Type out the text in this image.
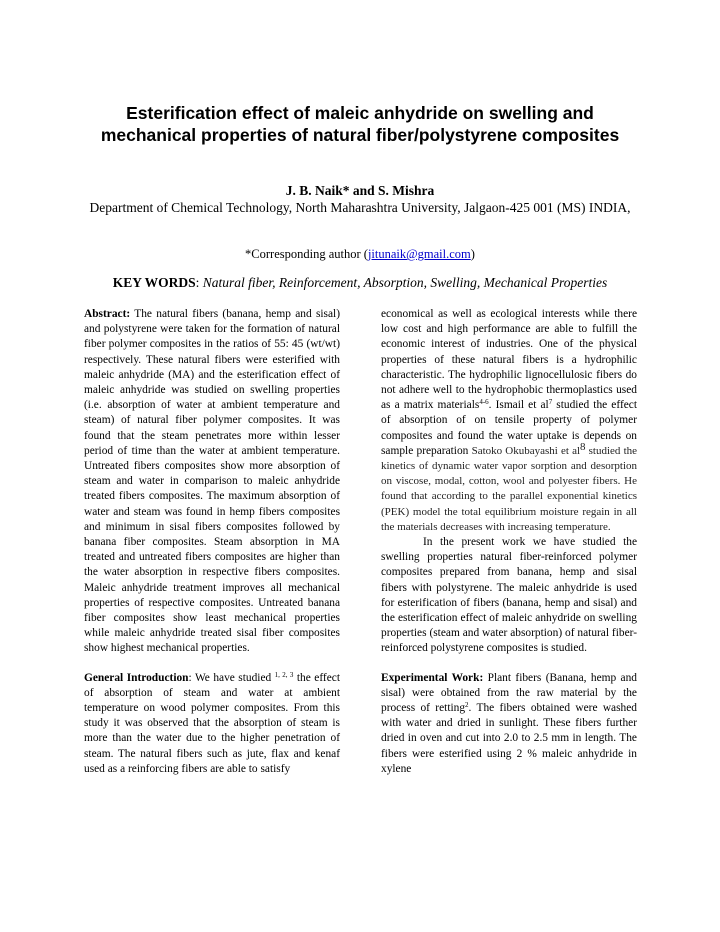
Esterification effect of maleic anhydride on swelling and mechanical properties of natural fiber/polystyrene composites
J. B. Naik* and S. Mishra
Department of Chemical Technology, North Maharashtra University, Jalgaon-425 001 (MS) INDIA,
*Corresponding author (jitunaik@gmail.com)
KEY WORDS: Natural fiber, Reinforcement, Absorption, Swelling, Mechanical Properties

Abstract: The natural fibers (banana, hemp and sisal) and polystyrene were taken for the formation of natural fiber polymer composites in the ratios of 55: 45 (wt/wt) respectively. These natural fibers were esterified with maleic anhydride (MA) and the esterification effect of maleic anhydride was studied on swelling properties (i.e. absorption of water at ambient temperature and steam) of natural fiber polymer composites. It was found that the steam penetrates more within lesser period of time than the water at ambient temperature. Untreated fibers composites show more absorption of steam and water in comparison to maleic anhydride treated fibers composites. The maximum absorption of water and steam was found in hemp fibers composites and minimum in sisal fibers composites followed by banana fiber composites. Steam absorption in MA treated and untreated fibers composites are higher than the water absorption in respective fibers composites. Maleic anhydride treatment improves all mechanical properties of respective composites. Untreated banana fiber composites show least mechanical properties while maleic anhydride treated sisal fiber composites show highest mechanical properties.

General Introduction: We have studied $^{1, 2, 3}$ the effect of absorption of steam and water at ambient temperature on wood polymer composites. From this study it was observed that the absorption of steam is more than the water due to the higher penetration of steam. The natural fibers such as jute, flax and kenaf used as a reinforcing fibers are able to satisfy

economical as well as ecological interests while there low cost and high performance are able to fulfill the economic interest of industries. One of the physical properties of these natural fibers is a hydrophilic characteristic. The hydrophilic lignocellulosic fibers do not adhere well to the hydrophobic thermoplastics used as a matrix materials$^{4-6}$. Ismail et $al^7$ studied the effect of absorption of on tensile property of polymer composites and found the water uptake is depends on sample preparation Satoko Okubayashi et $al^8$ studied the kinetics of dynamic water vapor sorption and desorption on viscose, modal, cotton, wool and polyester fibers. He found that according to the parallel exponential kinetics (PEK) model the total equilibrium moisture regain in all the materials decreases with increasing temperature.

In the present work we have studied the swelling properties natural fiber-reinforced polymer composites prepared from banana, hemp and sisal fibers with polystyrene. The maleic anhydride is used for esterification of fibers (banana, hemp and sisal) and the esterification effect of maleic anhydride on swelling properties (steam and water absorption) of natural fiber-reinforced polystyrene composites is studied.

Experimental Work: Plant fibers (Banana, hemp and sisal) were obtained from the raw material by the process of retting$^2$. The fibers obtained were washed with water and dried in sunlight. These fibers further dried in oven and cut into 2.0 to 2.5 mm in length. The fibers were esterified using 2 % maleic anhydride in xylene
